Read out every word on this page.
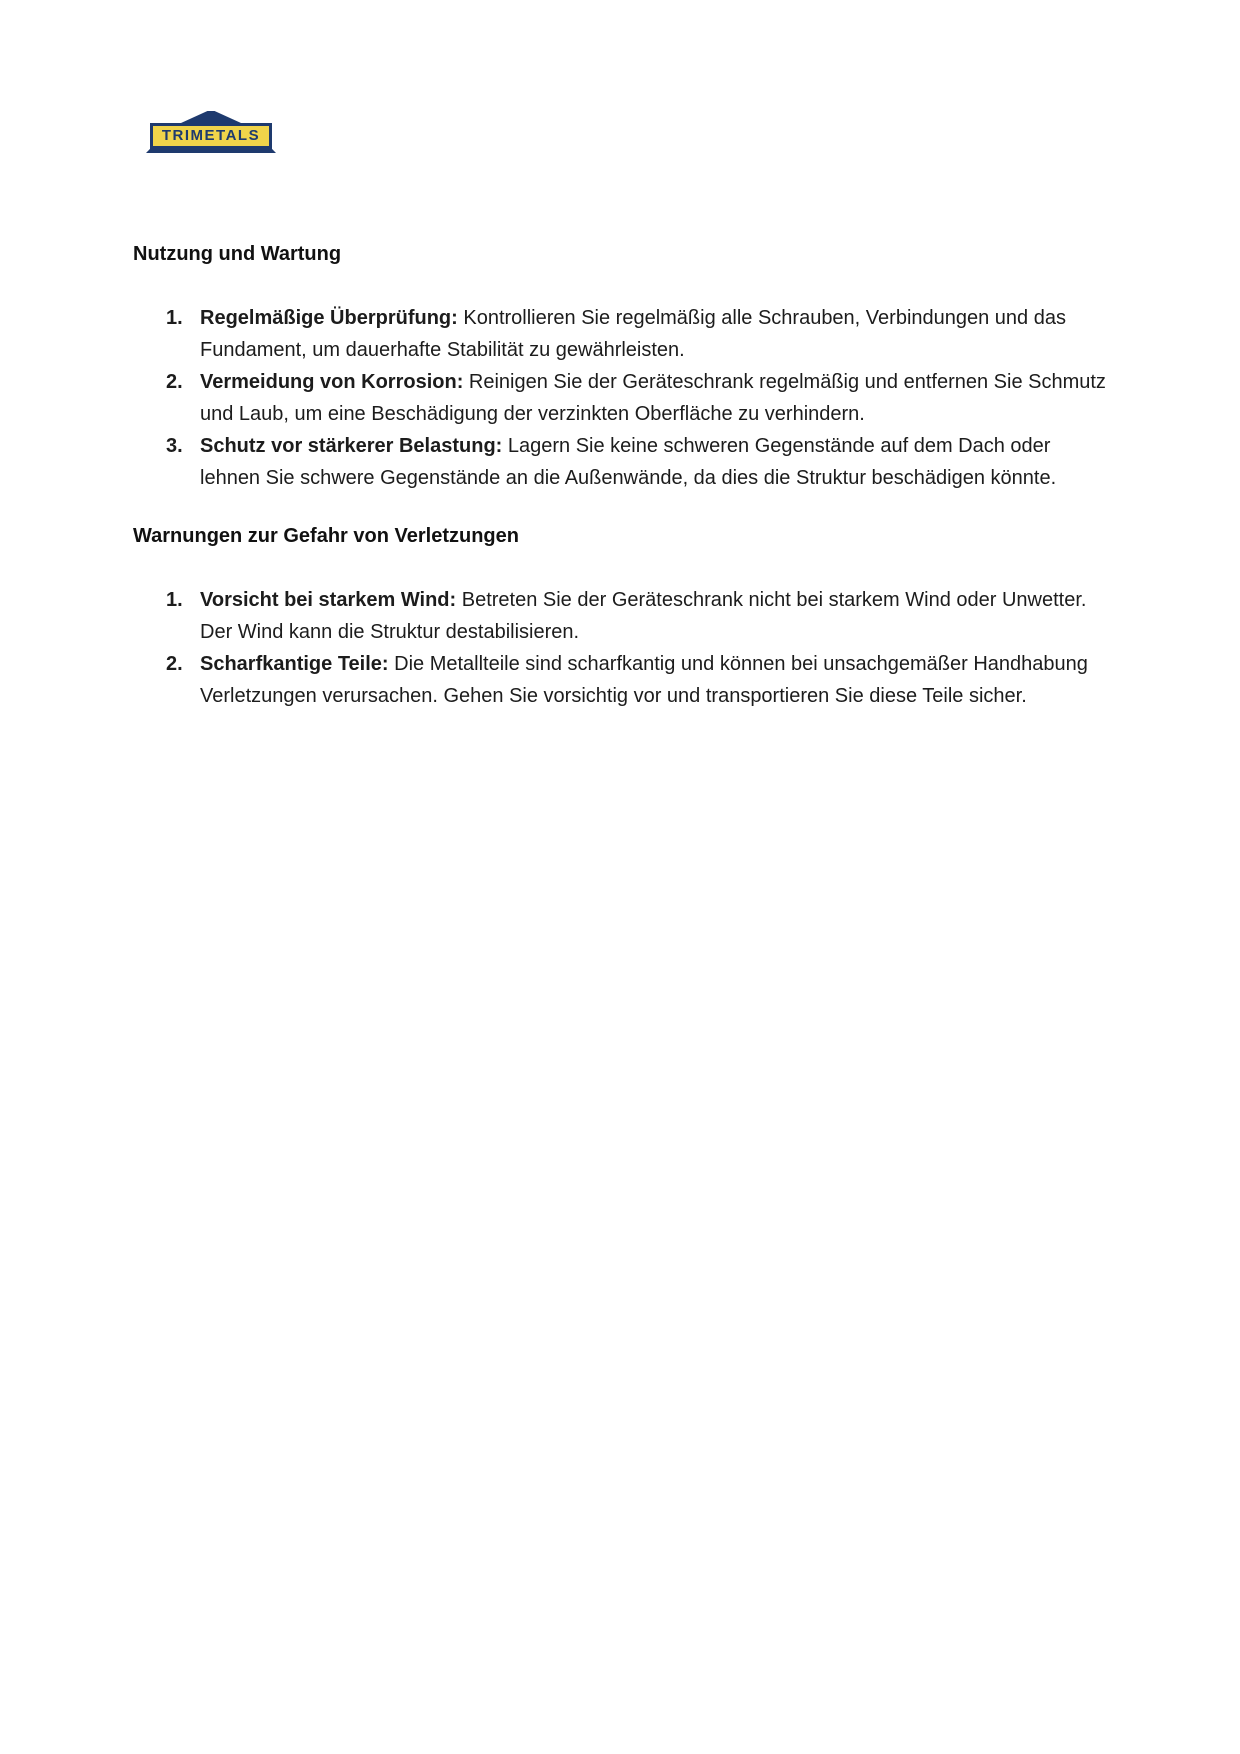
TRIMETALS
Nutzung und Wartung
1. Regelmäßige Überprüfung: Kontrollieren Sie regelmäßig alle Schrauben, Verbindungen und das Fundament, um dauerhafte Stabilität zu gewährleisten.
2. Vermeidung von Korrosion: Reinigen Sie der Geräteschrank regelmäßig und entfernen Sie Schmutz und Laub, um eine Beschädigung der verzinkten Oberfläche zu verhindern.
3. Schutz vor stärkerer Belastung: Lagern Sie keine schweren Gegenstände auf dem Dach oder lehnen Sie schwere Gegenstände an die Außenwände, da dies die Struktur beschädigen könnte.
Warnungen zur Gefahr von Verletzungen
1. Vorsicht bei starkem Wind: Betreten Sie der Geräteschrank nicht bei starkem Wind oder Unwetter. Der Wind kann die Struktur destabilisieren.
2. Scharfkantige Teile: Die Metallteile sind scharfkantig und können bei unsachgemäßer Handhabung Verletzungen verursachen. Gehen Sie vorsichtig vor und transportieren Sie diese Teile sicher.
